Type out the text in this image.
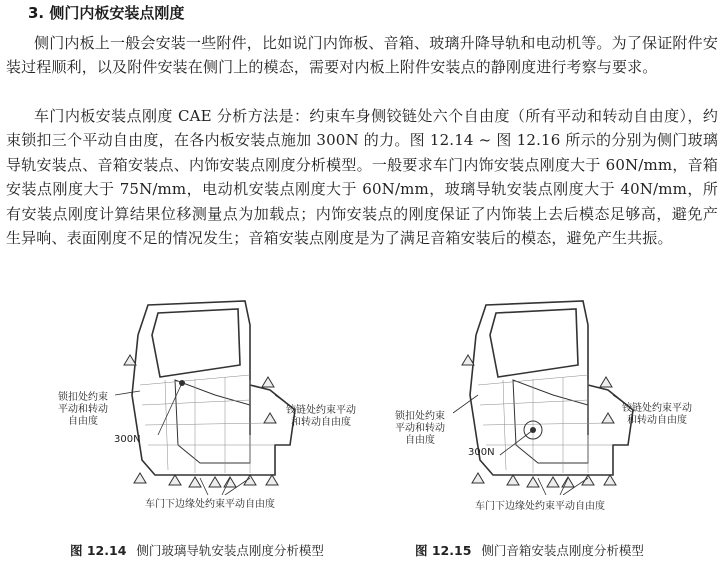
3. 侧门内板安装点刚度

侧门内板上一般会安装一些附件，比如说门内饰板、音箱、玻璃升降导轨和电动机等。为了保证附件安装过程顺利，以及附件安装在侧门上的模态，需要对内板上附件安装点的静刚度进行考察与要求。

车门内板安装点刚度 CAE 分析方法是：约束车身侧铰链处六个自由度（所有平动和转动自由度），约束锁扣三个平动自由度，在各内板安装点施加 300N 的力。图 12.14 ~ 图 12.16 所示的分别为侧门玻璃导轨安装点、音箱安装点、内饰安装点刚度分析模型。一般要求车门内饰安装点刚度大于 60N/mm，音箱安装点刚度大于 75N/mm，电动机安装点刚度大于 60N/mm，玻璃导轨安装点刚度大于 40N/mm，所有安装点刚度计算结果位移测量点为加载点；内饰安装点的刚度保证了内饰装上去后模态足够高，避免产生异响、表面刚度不足的情况发生；音箱安装点刚度是为了满足音箱安装后的模态，避免产生共振。

锁扣处约束
平动和转动
自由度
300N
铰链处约束平动
和转动自由度
车门下边缘处约束平动自由度
锁扣处约束
平动和转动
自由度
300N
铰链处约束平动
和转动自由度
车门下边缘处约束平动自由度
图 12.14 侧门玻璃导轨安装点刚度分析模型	图 12.15 侧门音箱安装点刚度分析模型
